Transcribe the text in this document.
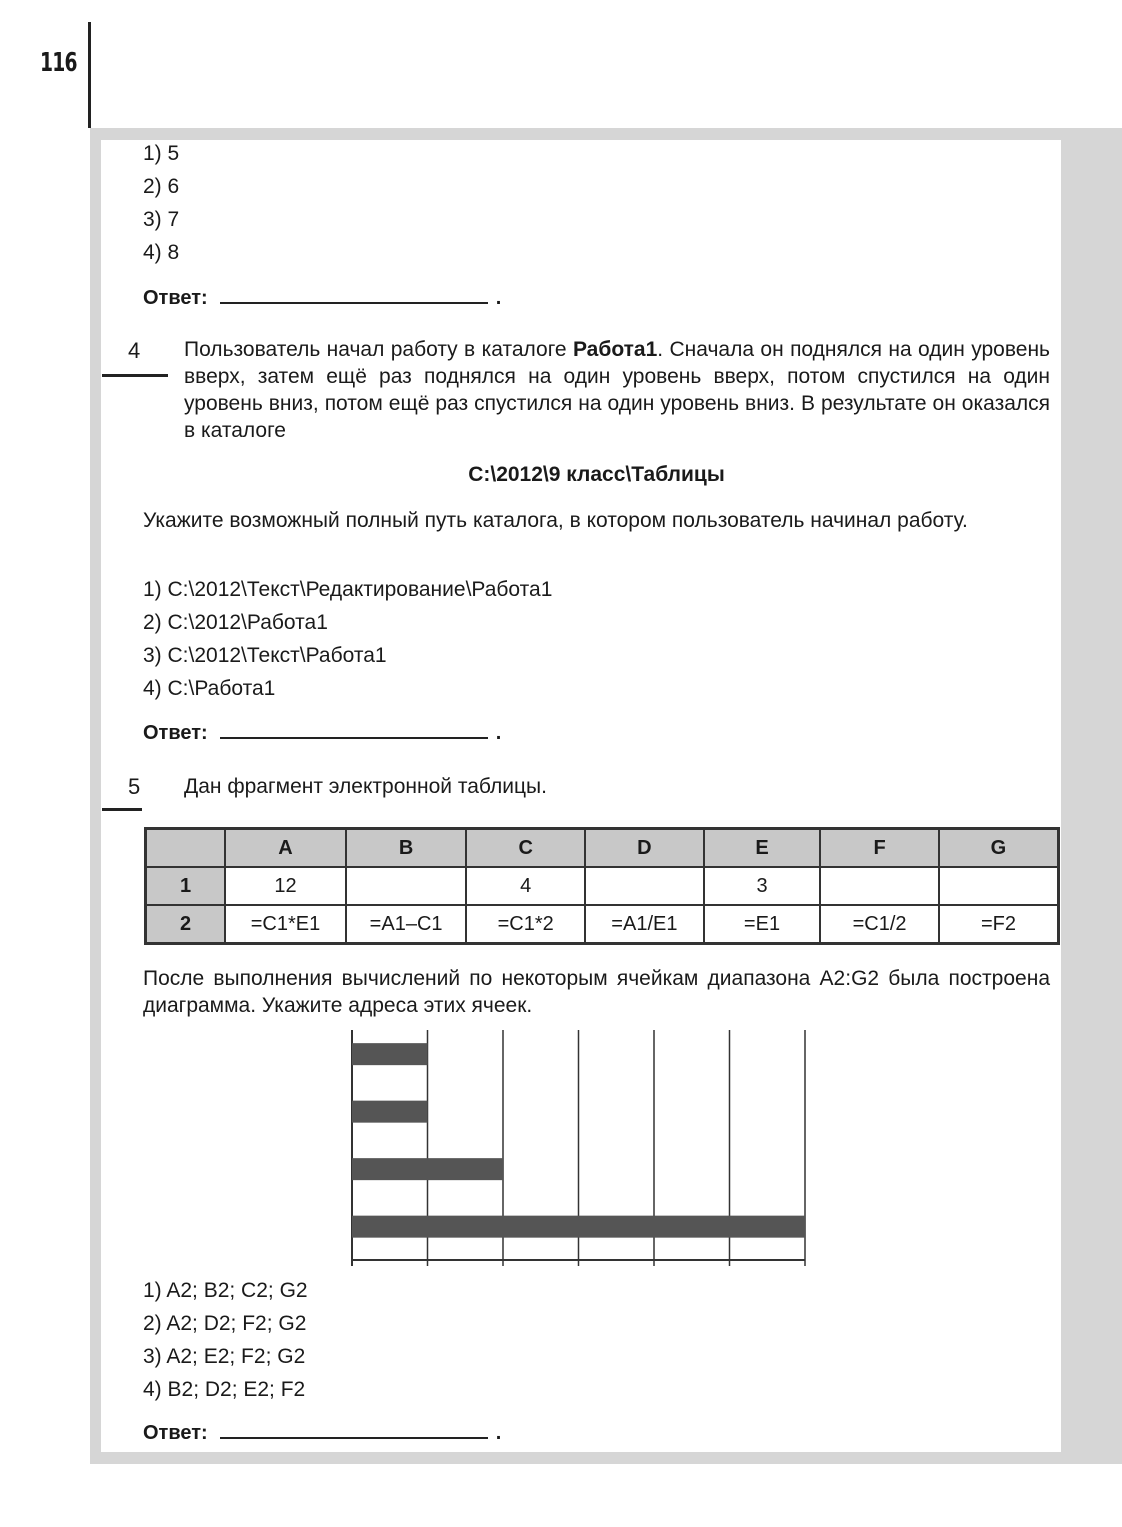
116
1) 5
2) 6
3) 7
4) 8
Ответ:	.
4 Пользователь начал работу в каталоге Работа1. Сначала он поднялся на один уровень вверх, затем ещё раз поднялся на один уровень вверх, потом спустился на один уровень вниз, потом ещё раз спустился на один уровень вниз. В результате он оказался в каталоге
C:\2012\9 класс\Таблицы
Укажите возможный полный путь каталога, в котором пользователь начинал работу.
1) C:\2012\Текст\Редактирование\Работа1
2) C:\2012\Работа1
3) C:\2012\Текст\Работа1
4) C:\Работа1
Ответ:	.
5 Дан фрагмент электронной таблицы.
	A	B	C	D	E	F	G
1	12		4		3		
2	=C1*E1	=A1–C1	=C1*2	=A1/E1	=E1	=C1/2	=F2
После выполнения вычислений по некоторым ячейкам диапазона A2:G2 была построена диаграмма. Укажите адреса этих ячеек.
1) A2; B2; C2; G2
2) A2; D2; F2; G2
3) A2; E2; F2; G2
4) B2; D2; E2; F2
Ответ:	.
